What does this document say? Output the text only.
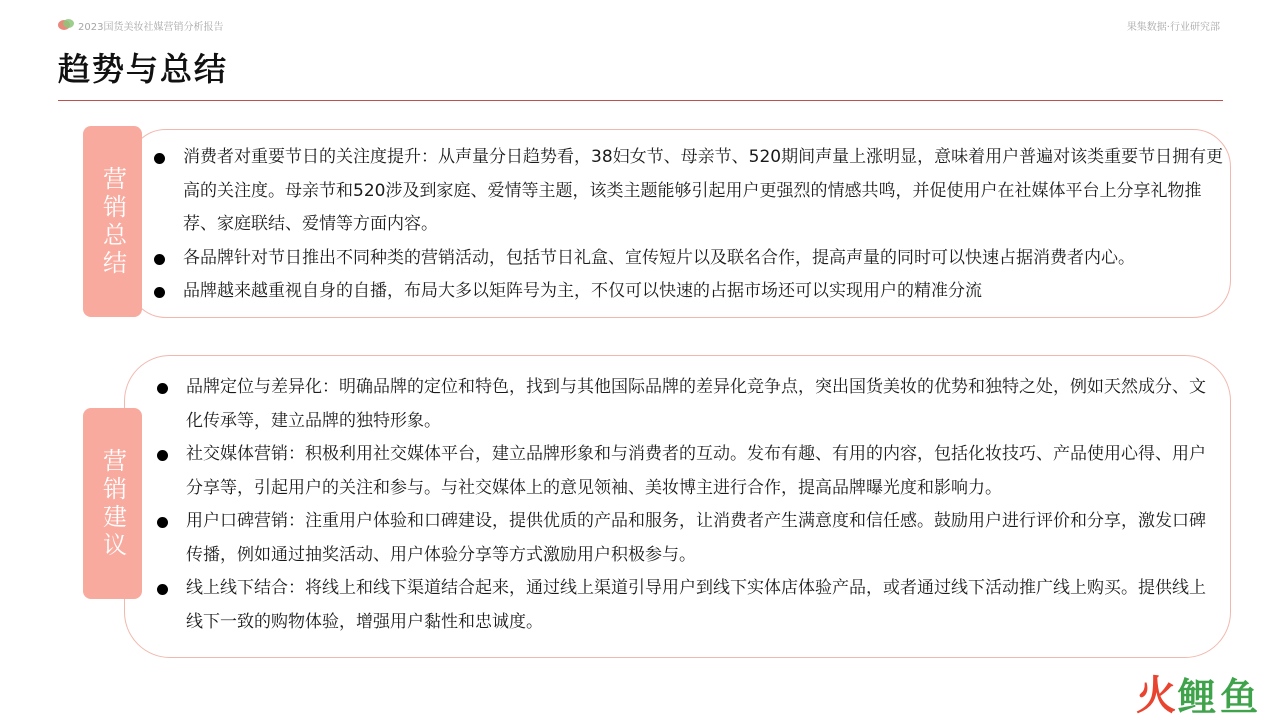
2023国货美妆社媒营销分析报告	果集数据·行业研究部
趋势与总结
营销总结
消费者对重要节日的关注度提升：从声量分日趋势看，38妇女节、母亲节、520期间声量上涨明显，意味着用户普遍对该类重要节日拥有更高的关注度。母亲节和520涉及到家庭、爱情等主题，该类主题能够引起用户更强烈的情感共鸣，并促使用户在社媒体平台上分享礼物推荐、家庭联结、爱情等方面内容。
各品牌针对节日推出不同种类的营销活动，包括节日礼盒、宣传短片以及联名合作，提高声量的同时可以快速占据消费者内心。
品牌越来越重视自身的自播，布局大多以矩阵号为主，不仅可以快速的占据市场还可以实现用户的精准分流
营销建议
品牌定位与差异化：明确品牌的定位和特色，找到与其他国际品牌的差异化竞争点，突出国货美妆的优势和独特之处，例如天然成分、文化传承等，建立品牌的独特形象。
社交媒体营销：积极利用社交媒体平台，建立品牌形象和与消费者的互动。发布有趣、有用的内容，包括化妆技巧、产品使用心得、用户分享等，引起用户的关注和参与。与社交媒体上的意见领袖、美妆博主进行合作，提高品牌曝光度和影响力。
用户口碑营销：注重用户体验和口碑建设，提供优质的产品和服务，让消费者产生满意度和信任感。鼓励用户进行评价和分享，激发口碑传播，例如通过抽奖活动、用户体验分享等方式激励用户积极参与。
线上线下结合：将线上和线下渠道结合起来，通过线上渠道引导用户到线下实体店体验产品，或者通过线下活动推广线上购买。提供线上线下一致的购物体验，增强用户黏性和忠诚度。
火 鲤 鱼
